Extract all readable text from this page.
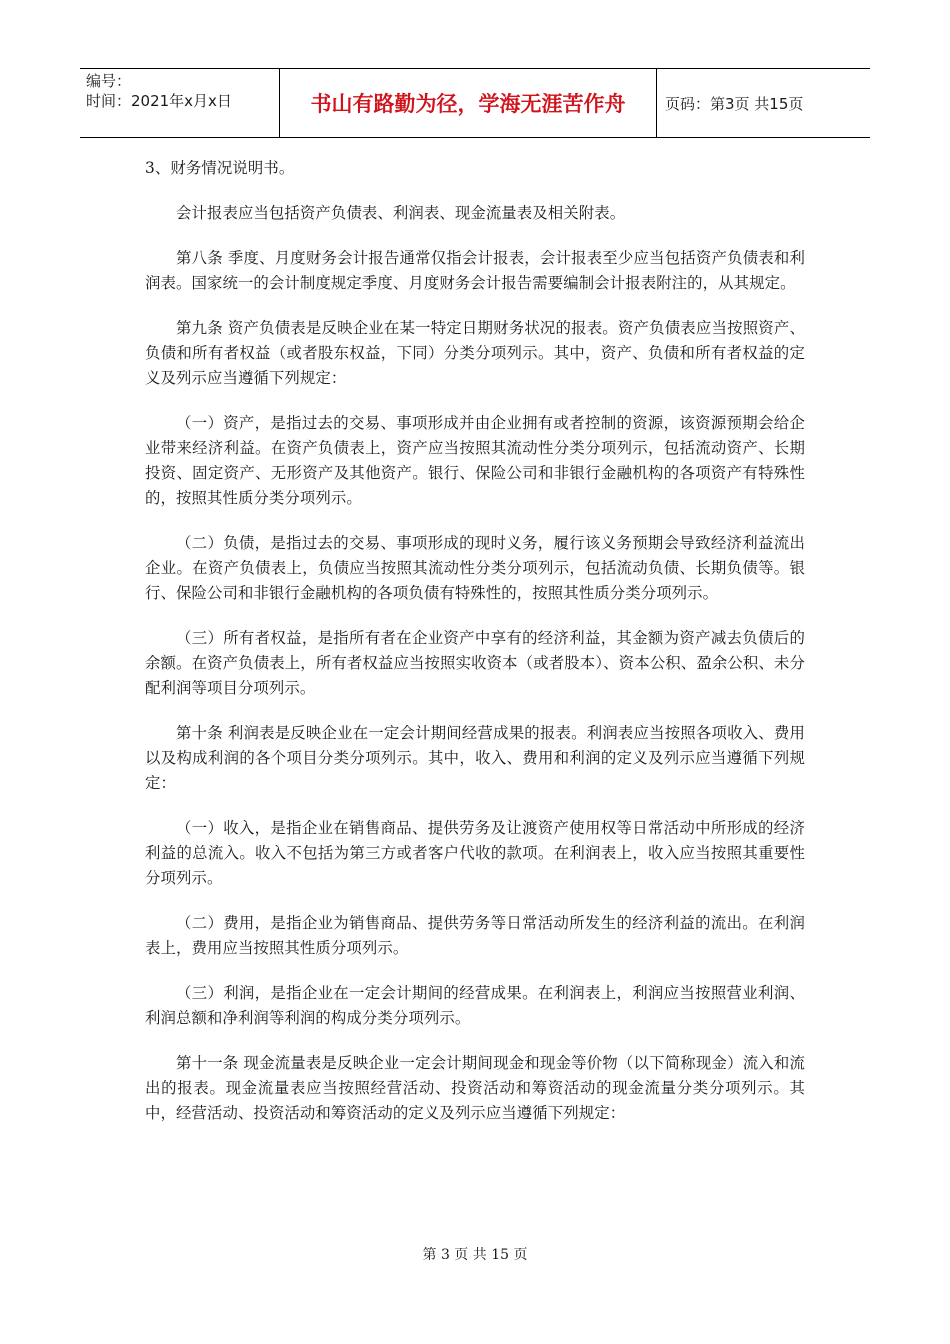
编号：
时间：2021年x月x日	书山有路勤为径，学海无涯苦作舟	页码：第3页 共15页

3、财务情况说明书。

会计报表应当包括资产负债表、利润表、现金流量表及相关附表。

第八条 季度、月度财务会计报告通常仅指会计报表，会计报表至少应当包括资产负债表和利润表。国家统一的会计制度规定季度、月度财务会计报告需要编制会计报表附注的，从其规定。

第九条 资产负债表是反映企业在某一特定日期财务状况的报表。资产负债表应当按照资产、负债和所有者权益（或者股东权益，下同）分类分项列示。其中，资产、负债和所有者权益的定义及列示应当遵循下列规定：

（一）资产，是指过去的交易、事项形成并由企业拥有或者控制的资源，该资源预期会给企业带来经济利益。在资产负债表上，资产应当按照其流动性分类分项列示，包括流动资产、长期投资、固定资产、无形资产及其他资产。银行、保险公司和非银行金融机构的各项资产有特殊性的，按照其性质分类分项列示。

（二）负债，是指过去的交易、事项形成的现时义务，履行该义务预期会导致经济利益流出企业。在资产负债表上，负债应当按照其流动性分类分项列示，包括流动负债、长期负债等。银行、保险公司和非银行金融机构的各项负债有特殊性的，按照其性质分类分项列示。

（三）所有者权益，是指所有者在企业资产中享有的经济利益，其金额为资产减去负债后的余额。在资产负债表上，所有者权益应当按照实收资本（或者股本）、资本公积、盈余公积、未分配利润等项目分项列示。

第十条 利润表是反映企业在一定会计期间经营成果的报表。利润表应当按照各项收入、费用以及构成利润的各个项目分类分项列示。其中，收入、费用和利润的定义及列示应当遵循下列规定：

（一）收入，是指企业在销售商品、提供劳务及让渡资产使用权等日常活动中所形成的经济利益的总流入。收入不包括为第三方或者客户代收的款项。在利润表上，收入应当按照其重要性分项列示。

（二）费用，是指企业为销售商品、提供劳务等日常活动所发生的经济利益的流出。在利润表上，费用应当按照其性质分项列示。

（三）利润，是指企业在一定会计期间的经营成果。在利润表上，利润应当按照营业利润、利润总额和净利润等利润的构成分类分项列示。

第十一条 现金流量表是反映企业一定会计期间现金和现金等价物（以下简称现金）流入和流出的报表。现金流量表应当按照经营活动、投资活动和筹资活动的现金流量分类分项列示。其中，经营活动、投资活动和筹资活动的定义及列示应当遵循下列规定：

第 3 页 共 15 页
